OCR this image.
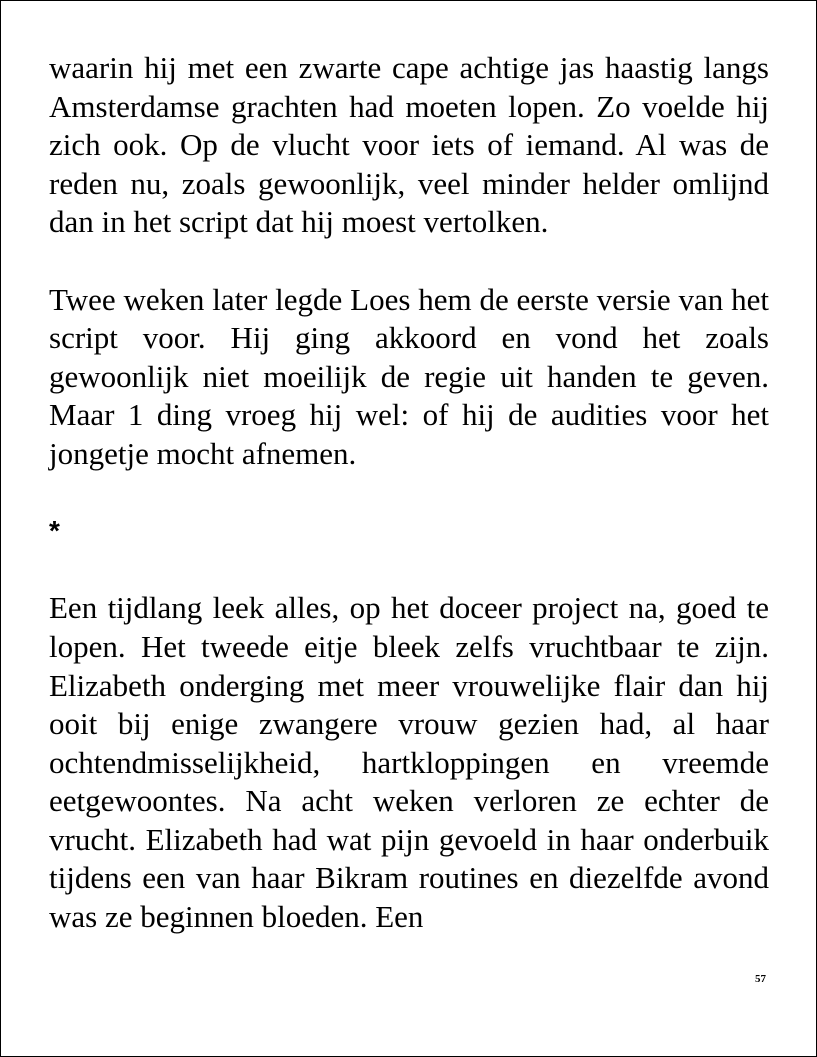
waarin hij met een zwarte cape achtige jas haastig langs Amsterdamse grachten had moeten lopen. Zo voelde hij zich ook. Op de vlucht voor iets of iemand. Al was de reden nu, zoals gewoonlijk, veel minder helder omlijnd dan in het script dat hij moest vertolken.

Twee weken later legde Loes hem de eerste versie van het script voor. Hij ging akkoord en vond het zoals gewoonlijk niet moeilijk de regie uit handen te geven. Maar 1 ding vroeg hij wel: of hij de audities voor het jongetje mocht afnemen.

*

Een tijdlang leek alles, op het doceer project na, goed te lopen. Het tweede eitje bleek zelfs vruchtbaar te zijn. Elizabeth onderging met meer vrouwelijke flair dan hij ooit bij enige zwangere vrouw gezien had, al haar ochtendmisselijkheid, hartkloppingen en vreemde eetgewoontes. Na acht weken verloren ze echter de vrucht. Elizabeth had wat pijn gevoeld in haar onderbuik tijdens een van haar Bikram routines en diezelfde avond was ze beginnen bloeden. Een

57
